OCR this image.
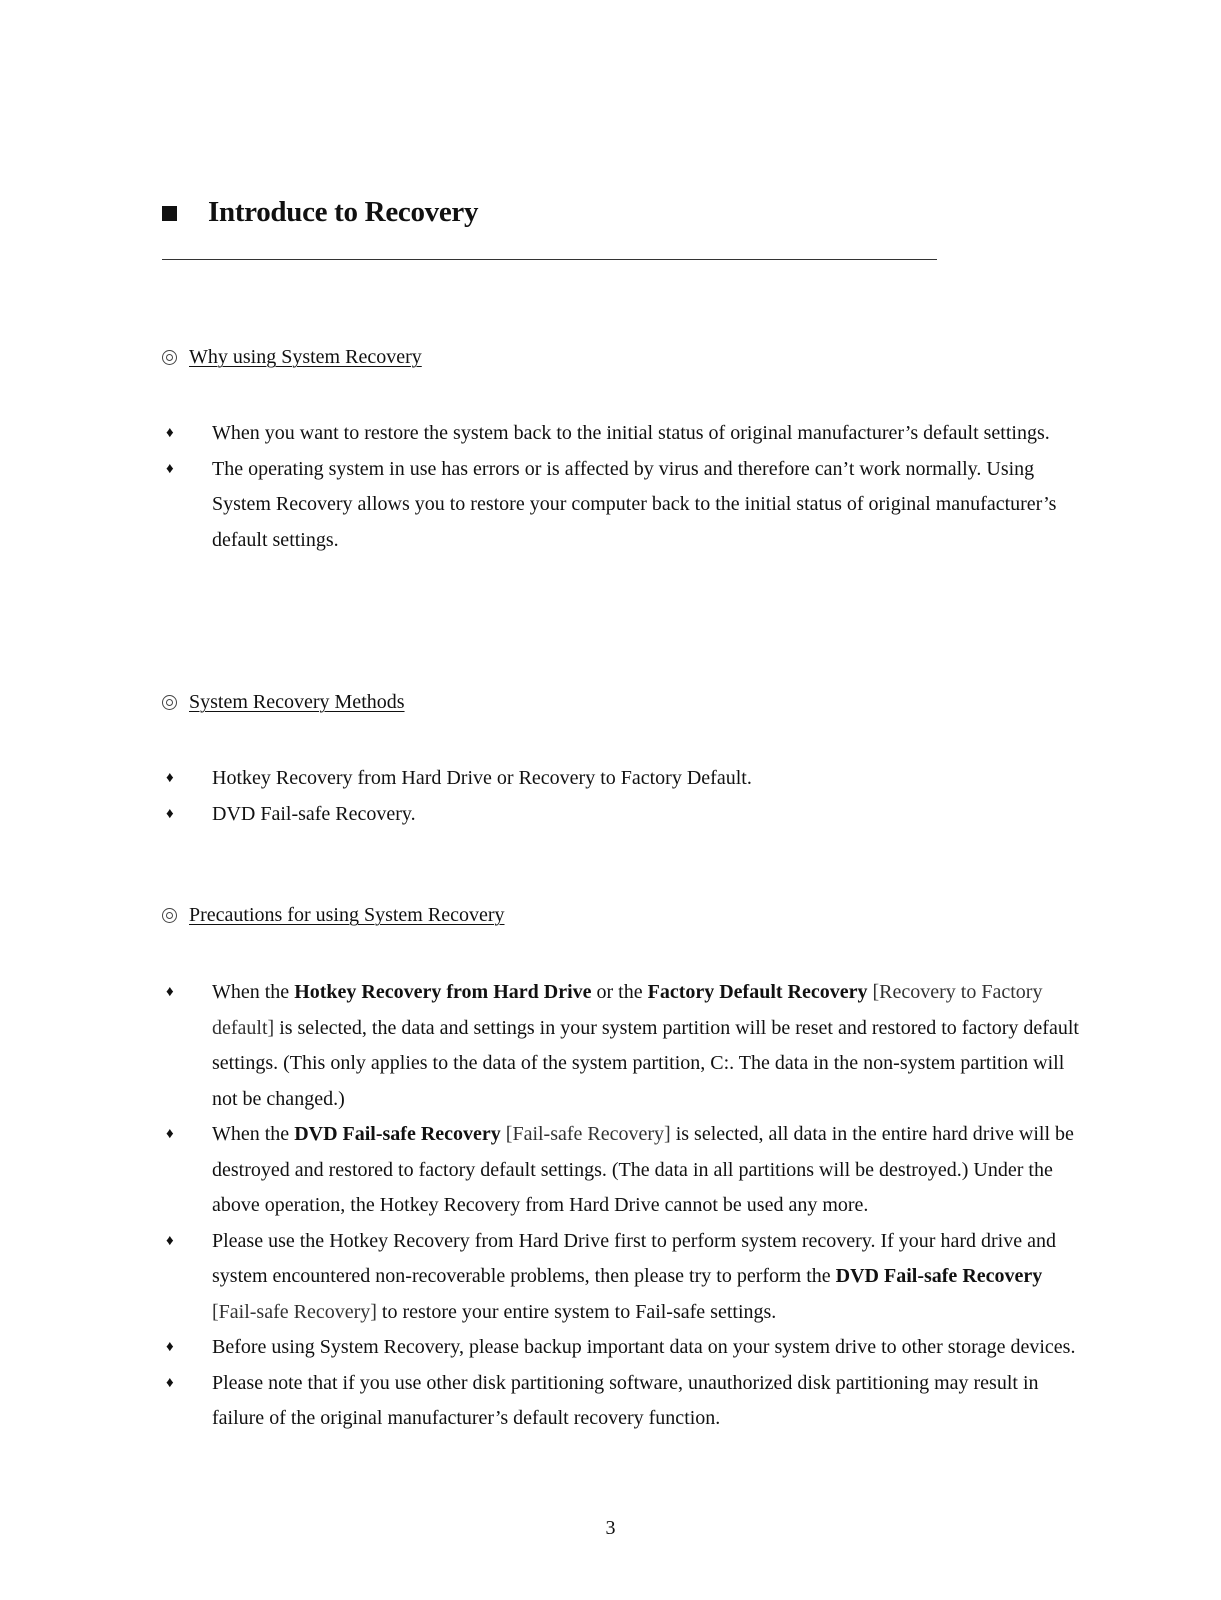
Introduce to Recovery
Why using System Recovery
♦ When you want to restore the system back to the initial status of original manufacturer’s default settings.
♦ The operating system in use has errors or is affected by virus and therefore can’t work normally. Using System Recovery allows you to restore your computer back to the initial status of original manufacturer’s default settings.
System Recovery Methods
♦ Hotkey Recovery from Hard Drive or Recovery to Factory Default.
♦ DVD Fail-safe Recovery.
Precautions for using System Recovery
♦ When the Hotkey Recovery from Hard Drive or the Factory Default Recovery [Recovery to Factory default] is selected, the data and settings in your system partition will be reset and restored to factory default settings. (This only applies to the data of the system partition, C:. The data in the non-system partition will not be changed.)
♦ When the DVD Fail-safe Recovery [Fail-safe Recovery] is selected, all data in the entire hard drive will be destroyed and restored to factory default settings. (The data in all partitions will be destroyed.) Under the above operation, the Hotkey Recovery from Hard Drive cannot be used any more.
♦ Please use the Hotkey Recovery from Hard Drive first to perform system recovery. If your hard drive and system encountered non-recoverable problems, then please try to perform the DVD Fail-safe Recovery [Fail-safe Recovery] to restore your entire system to Fail-safe settings.
♦ Before using System Recovery, please backup important data on your system drive to other storage devices.
♦ Please note that if you use other disk partitioning software, unauthorized disk partitioning may result in failure of the original manufacturer’s default recovery function.
3
